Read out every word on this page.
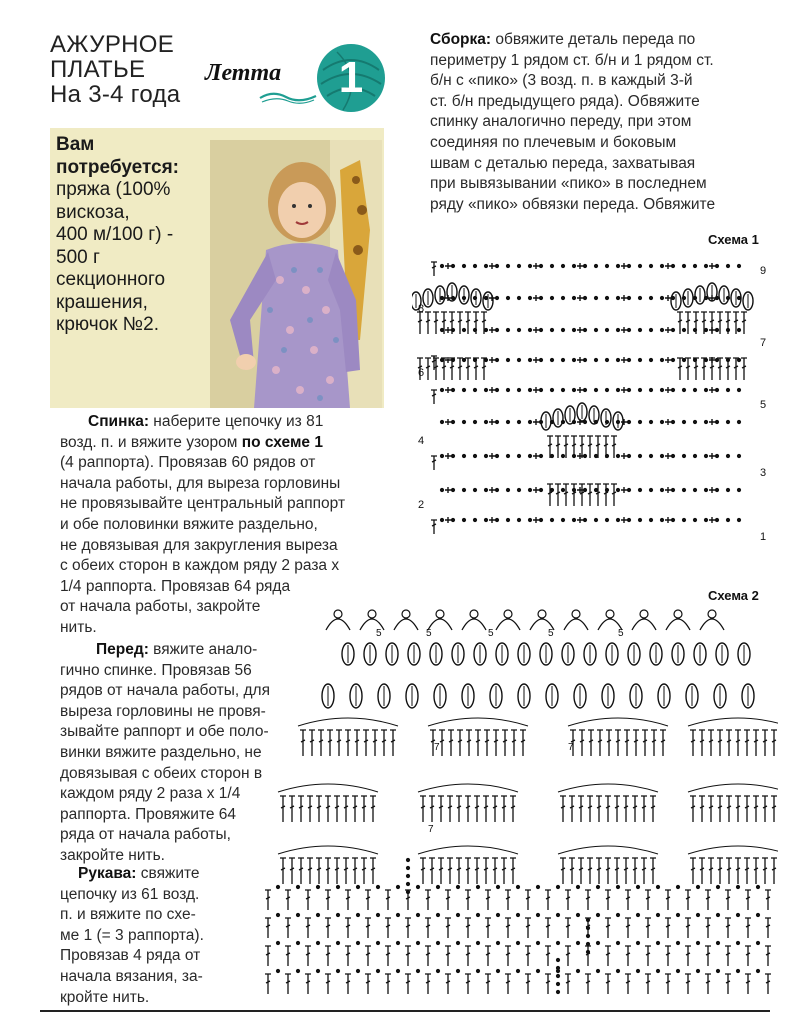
АЖУРНОЕ
ПЛАТЬЕ
На 3-4 года
Летта	1
Вам
потребуется:
пряжа (100%
вискоза,
400 м/100 г) -
500 г
секционного
крашения,
крючок №2.
Сборка: обвяжите деталь переда по
периметру 1 рядом ст. б/н и 1 рядом ст.
б/н с «пико» (3 возд. п. в каждый 3-й
ст. б/н предыдущего ряда). Обвяжите
спинку аналогично переду, при этом
соединяя по плечевым и боковым
швам с деталью переда, захватывая
при вывязывании «пико» в последнем
ряду «пико» обвязки переда. Обвяжите
Схема 1
9
7
5
3
1
8
6
4
2
Спинка: наберите цепочку из 81
возд. п. и вяжите узором по схеме 1
(4 раппорта). Провязав 60 рядов от
начала работы, для выреза горловины
не провязывайте центральный раппорт
и обе половинки вяжите раздельно,
не довязывая для закругления выреза
с обеих сторон в каждом ряду 2 раза х
1/4 раппорта. Провязав 64 ряда
от начала работы, закройте
нить.
Перед: вяжите анало-
гично спинке. Провязав 56
рядов от начала работы, для
выреза горловины не провя-
зывайте раппорт и обе поло-
винки вяжите раздельно, не
довязывая с обеих сторон в
каждом ряду 2 раза х 1/4
раппорта. Провяжите 64
ряда от начала работы,
закройте нить.
Рукава: свяжите
цепочку из 61 возд.
п. и вяжите по схе-
ме 1 (= 3 раппорта).
Провязав 4 ряда от
начала вязания, за-
кройте нить.
Схема 2
5	5	5	5	5
7
7
7
